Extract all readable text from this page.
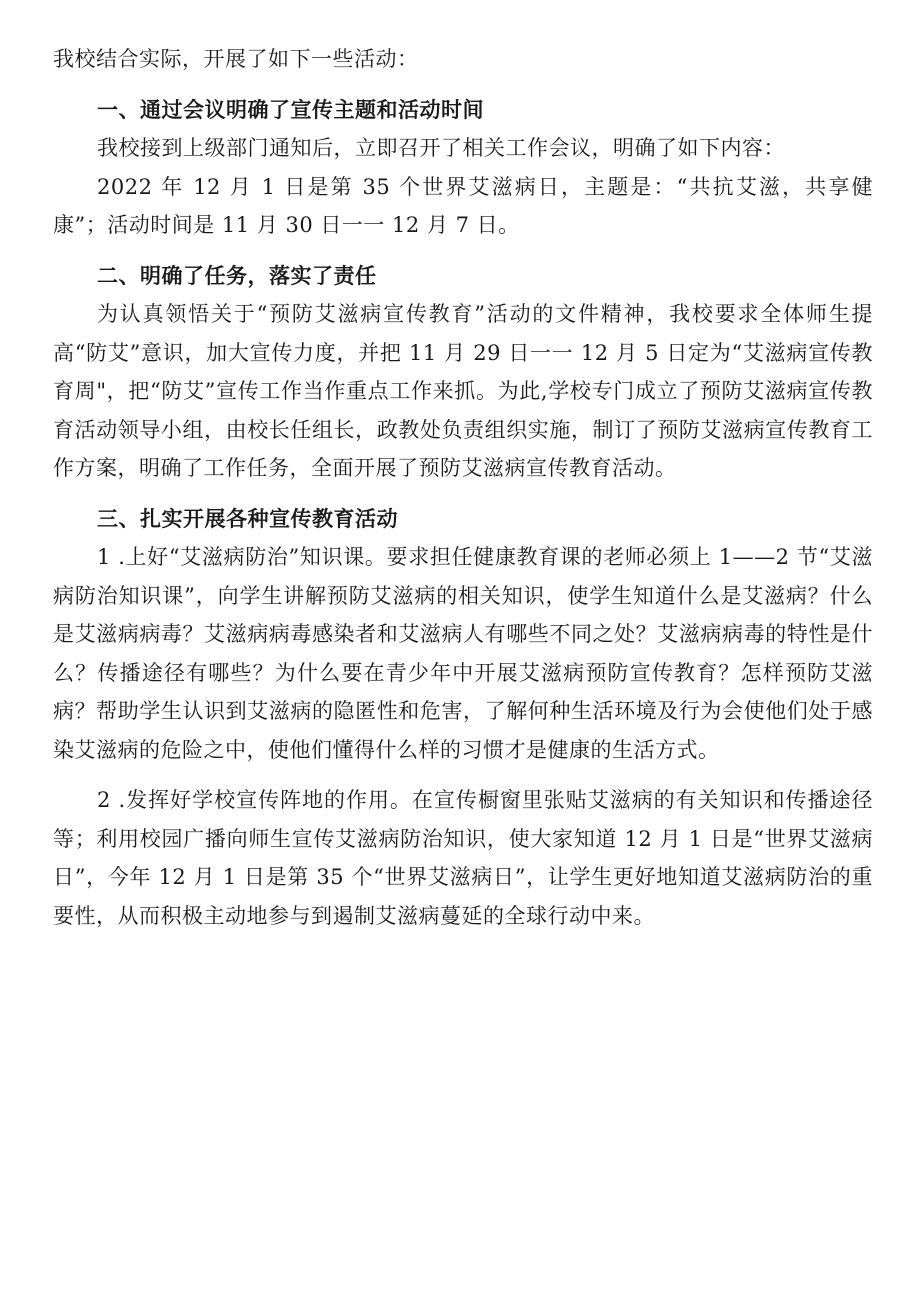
我校结合实际，开展了如下一些活动：

一、通过会议明确了宣传主题和活动时间

我校接到上级部门通知后，立即召开了相关工作会议，明确了如下内容：

2022 年 12 月 1 日是第 35 个世界艾滋病日，主题是：“共抗艾滋，共享健康”；活动时间是 11 月 30 日一一 12 月 7 日。

二、明确了任务，落实了责任

为认真领悟关于“预防艾滋病宣传教育”活动的文件精神，我校要求全体师生提高“防艾”意识，加大宣传力度，并把 11 月 29 日一一 12 月 5 日定为“艾滋病宣传教育周"，把“防艾”宣传工作当作重点工作来抓。为此,学校专门成立了预防艾滋病宣传教育活动领导小组，由校长任组长，政教处负责组织实施，制订了预防艾滋病宣传教育工作方案，明确了工作任务，全面开展了预防艾滋病宣传教育活动。

三、扎实开展各种宣传教育活动

1 .上好“艾滋病防治”知识课。要求担任健康教育课的老师必须上 1——2 节“艾滋病防治知识课”，向学生讲解预防艾滋病的相关知识，使学生知道什么是艾滋病？什么是艾滋病病毒？艾滋病病毒感染者和艾滋病人有哪些不同之处？艾滋病病毒的特性是什么？传播途径有哪些？为什么要在青少年中开展艾滋病预防宣传教育？怎样预防艾滋病？帮助学生认识到艾滋病的隐匿性和危害，了解何种生活环境及行为会使他们处于感染艾滋病的危险之中，使他们懂得什么样的习惯才是健康的生活方式。

2 .发挥好学校宣传阵地的作用。在宣传橱窗里张贴艾滋病的有关知识和传播途径等；利用校园广播向师生宣传艾滋病防治知识，使大家知道 12 月 1 日是“世界艾滋病日”，今年 12 月 1 日是第 35 个“世界艾滋病日”，让学生更好地知道艾滋病防治的重要性，从而积极主动地参与到遏制艾滋病蔓延的全球行动中来。
